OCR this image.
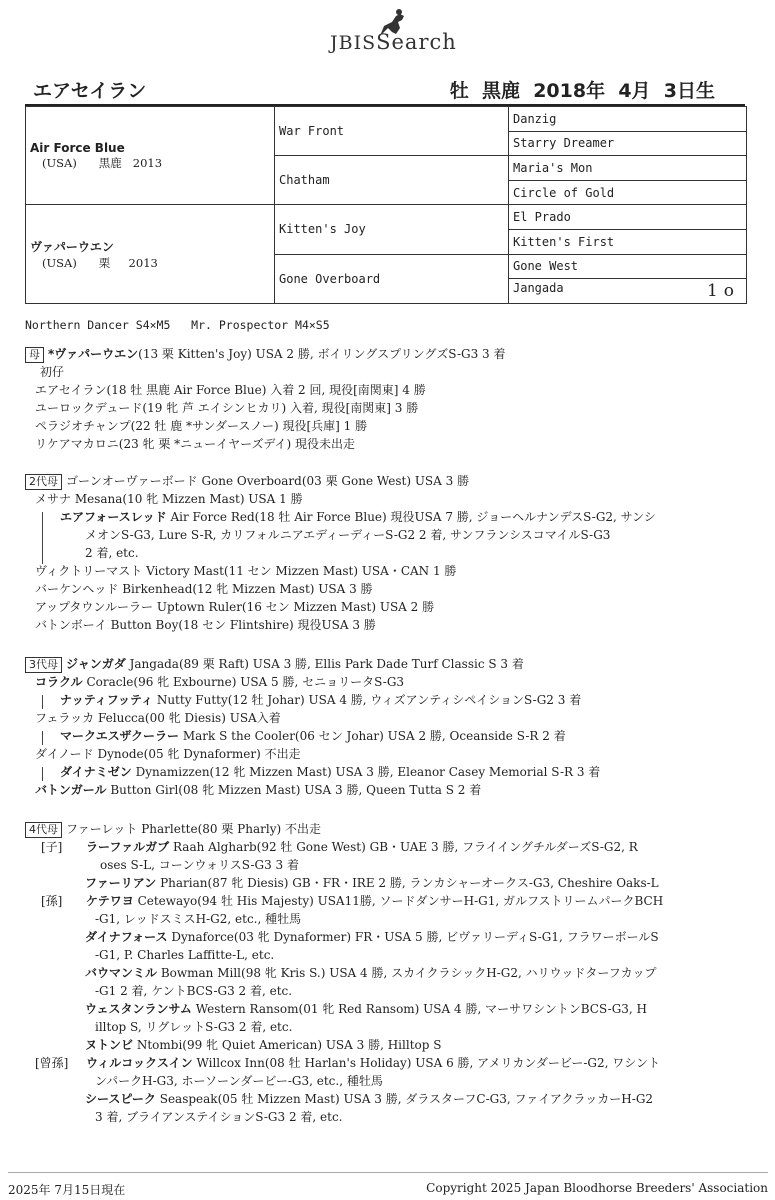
JBISSearch
エアセイラン	牡  黒鹿  2018年  4月  3日生
Air Force Blue
(USA)      黒鹿   2013	War Front	Danzig
		Starry Dreamer
	Chatham	Maria's Mon
		Circle of Gold

ヴァパーウエン
(USA)      栗     2013	Kitten's Joy	El Prado
		Kitten's First
	Gone Overboard	Gone West
		Jangada 1o
Northern Dancer S4×M5   Mr. Prospector M4×S5
母 *ヴァパーウエン(13 栗 Kitten's Joy) USA 2 勝, ボイリングスプリングズS-G3 3 着
初仔
エアセイラン(18 牡 黒鹿 Air Force Blue) 入着 2 回, 現役[南関東] 4 勝
ユーロックデュード(19 牝 芦 エイシンヒカリ) 入着, 現役[南関東] 3 勝
ペラジオチャンプ(22 牡 鹿 *サンダースノー) 現役[兵庫] 1 勝
リケアマカロニ(23 牝 栗 *ニューイヤーズデイ) 現役未出走
2代母 ゴーンオーヴァーボード Gone Overboard(03 栗 Gone West) USA 3 勝
メサナ Mesana(10 牝 Mizzen Mast) USA 1 勝
エアフォースレッド Air Force Red(18 牡 Air Force Blue) 現役USA 7 勝, ジョーヘルナンデスS-G2, サンシ
メオンS-G3, Lure S-R, カリフォルニアエディーディーS-G2 2 着, サンフランシスコマイルS-G3
2 着, etc.
ヴィクトリーマスト Victory Mast(11 セン Mizzen Mast) USA・CAN 1 勝
バーケンヘッド Birkenhead(12 牝 Mizzen Mast) USA 3 勝
アップタウンルーラー Uptown Ruler(16 セン Mizzen Mast) USA 2 勝
バトンボーイ Button Boy(18 セン Flintshire) 現役USA 3 勝
3代母 ジャンガダ Jangada(89 栗 Raft) USA 3 勝, Ellis Park Dade Turf Classic S 3 着
コラクル Coracle(96 牝 Exbourne) USA 5 勝, セニョリータS-G3
ナッティフッティ Nutty Futty(12 牡 Johar) USA 4 勝, ウィズアンティシペイションS-G2 3 着
フェラッカ Felucca(00 牝 Diesis) USA入着
マークエスザクーラー Mark S the Cooler(06 セン Johar) USA 2 勝, Oceanside S-R 2 着
ダイノード Dynode(05 牝 Dynaformer) 不出走
ダイナミゼン Dynamizzen(12 牝 Mizzen Mast) USA 3 勝, Eleanor Casey Memorial S-R 3 着
バトンガール Button Girl(08 牝 Mizzen Mast) USA 3 勝, Queen Tutta S 2 着
4代母 ファーレット Pharlette(80 栗 Pharly) 不出走
[子] ラーファルガブ Raah Algharb(92 牡 Gone West) GB・UAE 3 勝, フライイングチルダーズS-G2, R
oses S-L, コーンウォリスS-G3 3 着
ファーリアン Pharian(87 牝 Diesis) GB・FR・IRE 2 勝, ランカシャーオークス-G3, Cheshire Oaks-L
[孫] ケテワヨ Cetewayo(94 牡 His Majesty) USA11勝, ソードダンサーH-G1, ガルフストリームパークBCH
-G1, レッドスミスH-G2, etc., 種牡馬
ダイナフォース Dynaforce(03 牝 Dynaformer) FR・USA 5 勝, ビヴァリーディS-G1, フラワーボールS
-G1, P. Charles Laffitte-L, etc.
バウマンミル Bowman Mill(98 牝 Kris S.) USA 4 勝, スカイクラシックH-G2, ハリウッドターフカップ
-G1 2 着, ケントBCS-G3 2 着, etc.
ウェスタンランサム Western Ransom(01 牝 Red Ransom) USA 4 勝, マーサワシントンBCS-G3, H
illtop S, リグレットS-G3 2 着, etc.
ヌトンビ Ntombi(99 牝 Quiet American) USA 3 勝, Hilltop S
[曾孫] ウィルコックスイン Willcox Inn(08 牡 Harlan's Holiday) USA 6 勝, アメリカンダービー-G2, ワシント
ンパークH-G3, ホーソーンダービー-G3, etc., 種牡馬
シースピーク Seaspeak(05 牡 Mizzen Mast) USA 3 勝, ダラスターフC-G3, ファイアクラッカーH-G2
3 着, ブライアンステイションS-G3 2 着, etc.
2025年 7月15日現在	Copyright 2025 Japan Bloodhorse Breeders' Association
